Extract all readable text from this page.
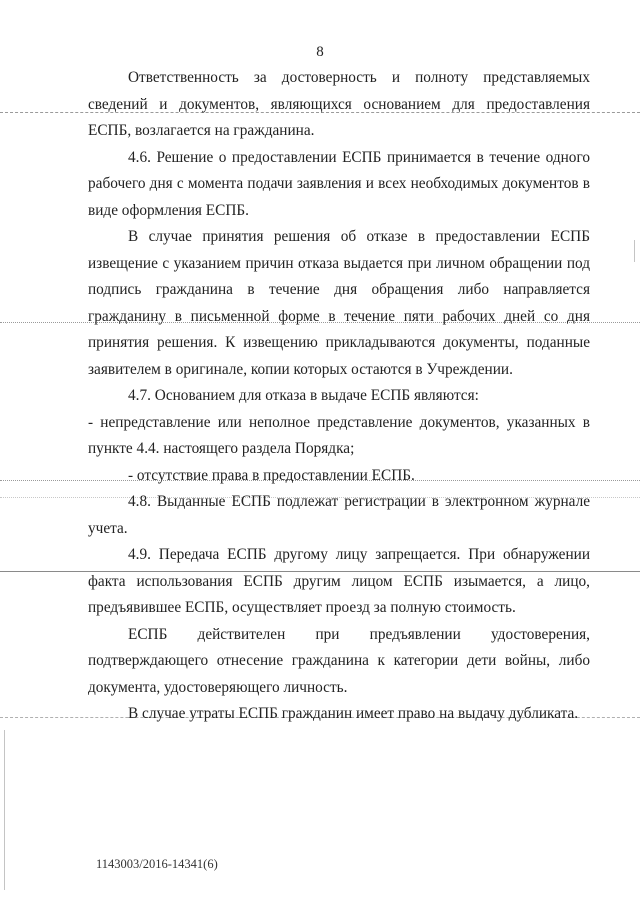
8

Ответственность за достоверность и полноту представляемых сведений и документов, являющихся основанием для предоставления ЕСПБ, возлагается на гражданина.

4.6. Решение о предоставлении ЕСПБ принимается в течение одного рабочего дня с момента подачи заявления и всех необходимых документов в виде оформления ЕСПБ.

В случае принятия решения об отказе в предоставлении ЕСПБ извещение с указанием причин отказа выдается при личном обращении под подпись гражданина в течение дня обращения либо направляется гражданину в письменной форме в течение пяти рабочих дней со дня принятия решения. К извещению прикладываются документы, поданные заявителем в оригинале, копии которых остаются в Учреждении.

4.7. Основанием для отказа в выдаче ЕСПБ являются:

- непредставление или неполное представление документов, указанных в пункте 4.4. настоящего раздела Порядка;

- отсутствие права в предоставлении ЕСПБ.

4.8. Выданные ЕСПБ подлежат регистрации в электронном журнале учета.

4.9. Передача ЕСПБ другому лицу запрещается. При обнаружении факта использования ЕСПБ другим лицом ЕСПБ изымается, а лицо, предъявившее ЕСПБ, осуществляет проезд за полную стоимость.

ЕСПБ действителен при предъявлении удостоверения, подтверждающего отнесение гражданина к категории дети войны, либо документа, удостоверяющего личность.

В случае утраты ЕСПБ гражданин имеет право на выдачу дубликата.

1143003/2016-14341(6)
